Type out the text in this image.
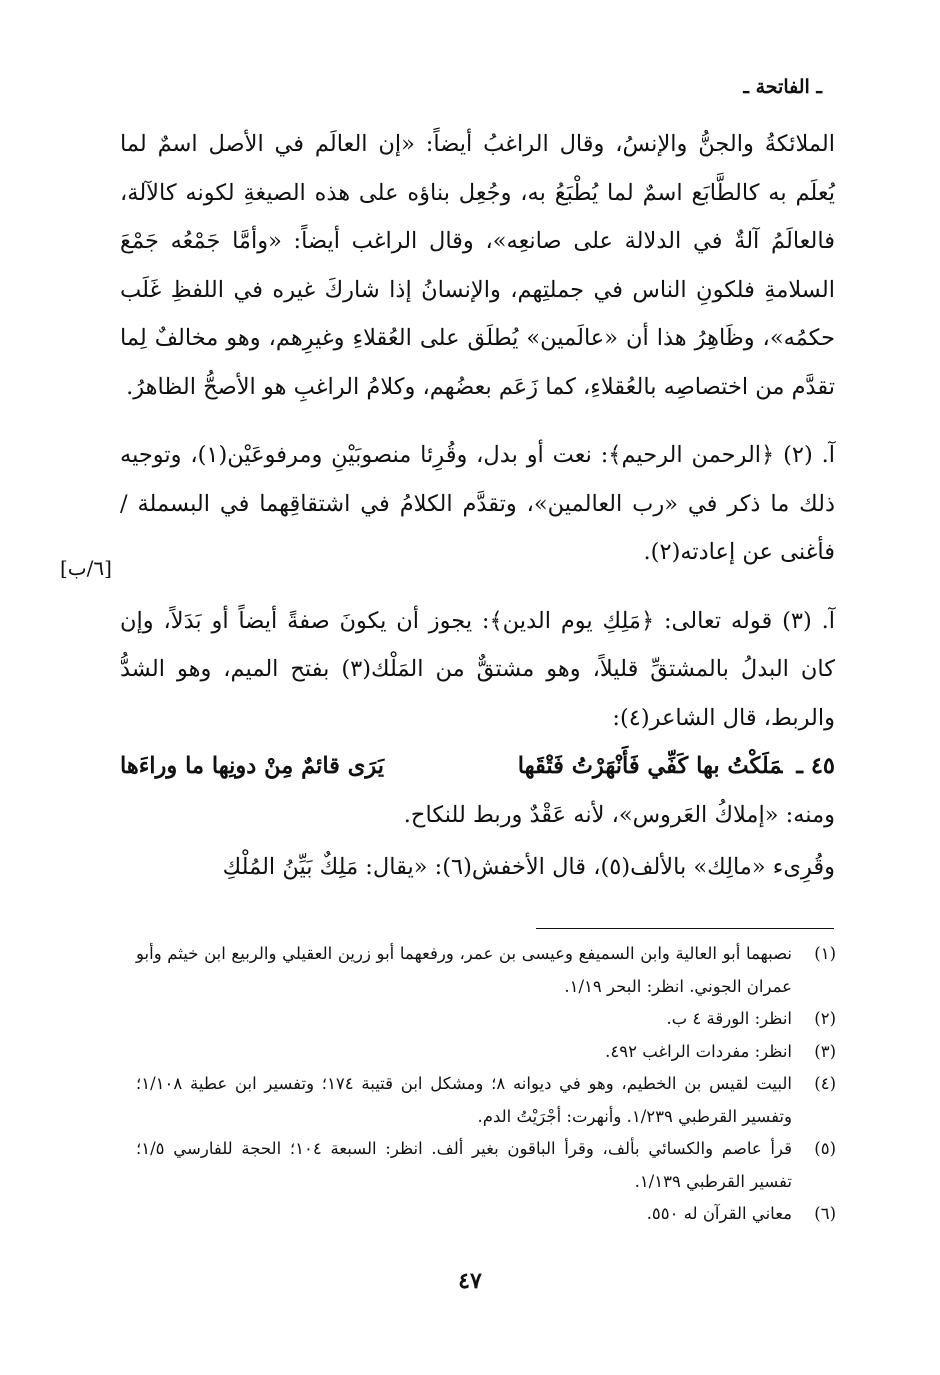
ـ الفاتحة ـ

الملائكةُ والجنُّ والإنسُ، وقال الراغبُ أيضاً: «إن العالَم في الأصل اسمٌ لما يُعلَم به كالطَّابَع اسمٌ لما يُطْبَعُ به، وجُعِل بناؤه على هذه الصيغةِ لكونه كالآلة، فالعالَمُ آلةٌ في الدلالة على صانعِه»، وقال الراغب أيضاً: «وأمَّا جَمْعُه جَمْعَ السلامةِ فلكونِ الناس في جملتِهم، والإنسانُ إذا شاركَ غيره في اللفظِ غَلَب حكمُه»، وظَاهِرُ هذا أن «عالَمين» يُطلَق على العُقلاءِ وغيرِهم، وهو مخالفٌ لِما تقدَّم من اختصاصِه بالعُقلاءِ، كما زَعَم بعضُهم، وكلامُ الراغبِ هو الأصحُّ الظاهرُ.

آ. (٢) ﴿الرحمن الرحيم﴾: نعت أو بدل، وقُرِئا منصوبَيْنِ ومرفوعَيْن(١)، وتوجيه ذلك ما ذكر في «رب العالمين»، وتقدَّم الكلامُ في اشتقاقِهما في البسملة / فأغنى عن إعادته(٢).

آ. (٣) قوله تعالى: ﴿مَلِكِ يوم الدين﴾: يجوز أن يكونَ صفةً أيضاً أو بَدَلاً، وإن كان البدلُ بالمشتقِّ قليلاً، وهو مشتقٌّ من المَلْك(٣) بفتح الميم، وهو الشدُّ والربط، قال الشاعر(٤):

٤٥ ـمَلَكْتُ بها كَفِّي فَأَنْهَرْتُ فَتْقَها
يَرَى قائمٌ مِنْ دونِها ما وراءَها

ومنه: «إملاكُ العَروس»، لأنه عَقْدٌ وربط للنكاح.

وقُرِىء «مالِك» بالألف(٥)، قال الأخفش(٦): «يقال: مَلِكٌ بَيِّنُ المُلْكِ

[٦/ب]
(١)
نصبهما أبو العالية وابن السميفع وعيسى بن عمر، ورفعهما أبو زرين العقيلي والربيع ابن خيثم وأبو عمران الجوني. انظر: البحر ١/١٩.
(٢)
انظر: الورقة ٤ ب.
(٣)
انظر: مفردات الراغب ٤٩٢.
(٤)
البيت لقيس بن الخطيم، وهو في ديوانه ٨؛ ومشكل ابن قتيبة ١٧٤؛ وتفسير ابن عطية ١/١٠٨؛ وتفسير القرطبي ١/٢٣٩. وأنهرت: أجْرَيْتُ الدم.
(٥)
قرأ عاصم والكسائي بألف، وقرأ الباقون بغير ألف. انظر: السبعة ١٠٤؛ الحجة للفارسي ١/٥؛ تفسير القرطبي ١/١٣٩.
(٦)
معاني القرآن له ٥٥٠.
٤٧
